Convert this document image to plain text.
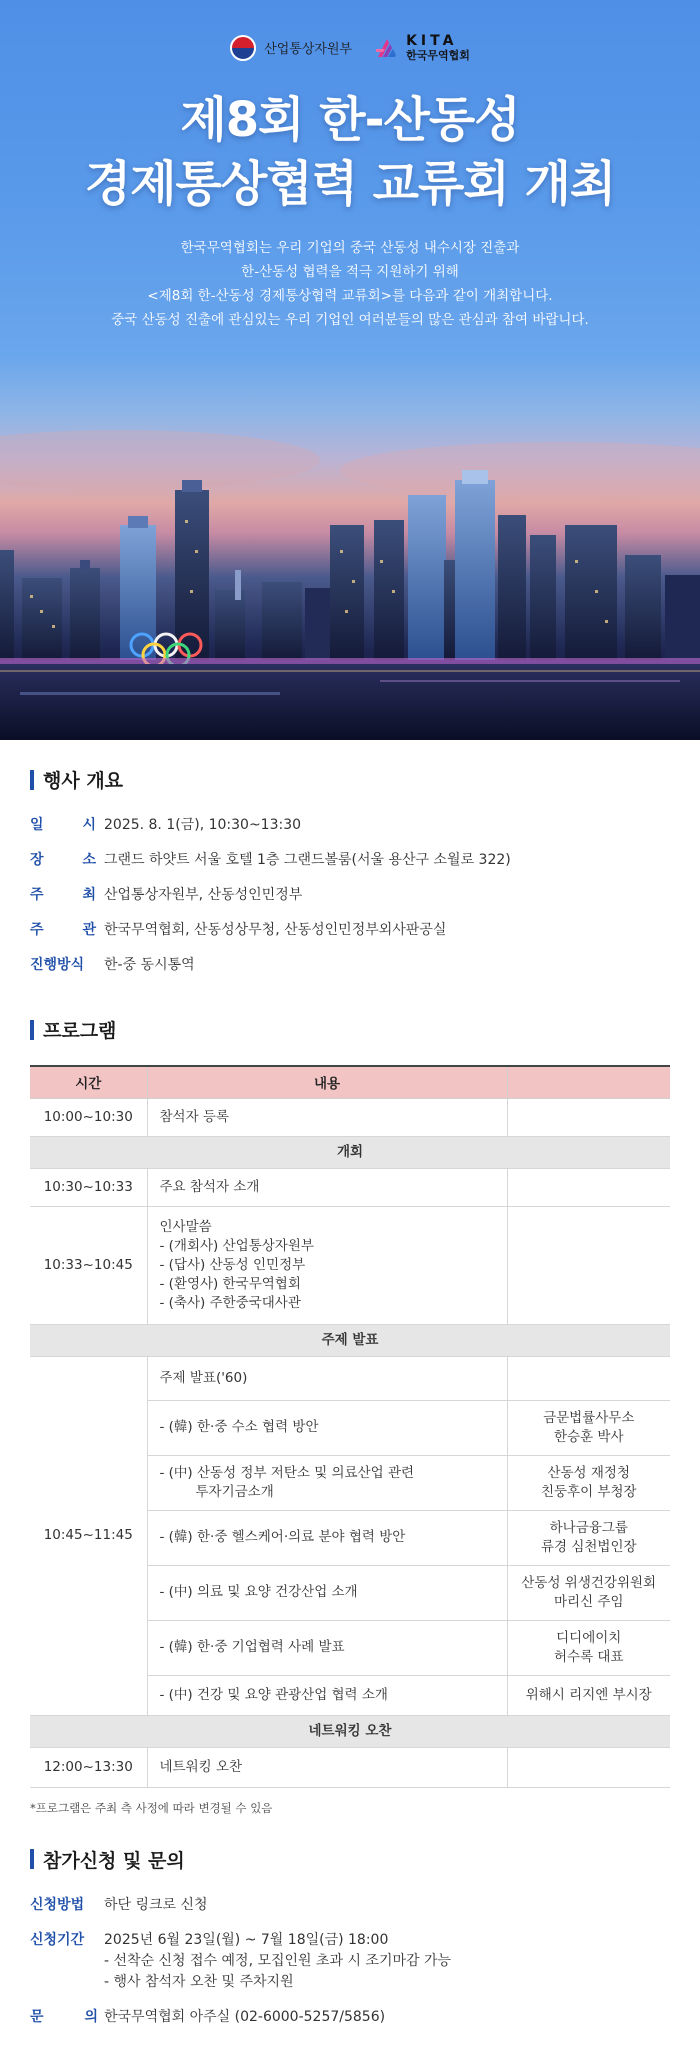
산업통상자원부
KITA
한국무역협회
제8회 한-산동성
경제통상협력 교류회 개최
한국무역협회는 우리 기업의 중국 산동성 내수시장 진출과
한-산동성 협력을 적극 지원하기 위해
<제8회 한-산동성 경제통상협력 교류회>를 다음과 같이 개최합니다.
중국 산동성 진출에 관심있는 우리 기업인 여러분들의 많은 관심과 참여 바랍니다.
행사 개요
일	시 2025. 8. 1(금), 10:30~13:30
장	소 그랜드 하얏트 서울 호텔 1층 그랜드볼룸(서울 용산구 소월로 322)
주	최 산업통상자원부, 산동성인민정부
주	관 한국무역협회, 산동성상무청, 산동성인민정부외사판공실
진행방식 한-중 동시통역
프로그램
시간	내용	
10:00~10:30	참석자 등록	
개회		
10:30~10:33	주요 참석자 소개	
10:33~10:45	인사말씀
- (개회사) 산업통상자원부
- (답사) 산동성 인민정부
- (환영사) 한국무역협회
- (축사) 주한중국대사관	

주제 발표		
10:45~11:45	주제 발표('60)	
	- (韓) 한·중 수소 협력 방안	금문법률사무소
한승훈 박사

	- (中) 산동성 정부 저탄소 및 의료산업 관련
투자기금소개	산동성 재정청
친둥후이 부청장

	- (韓) 한·중 헬스케어·의료 분야 협력 방안	하나금융그룹
류경 심천법인장

	- (中) 의료 및 요양 건강산업 소개	산동성 위생건강위원회
마리신 주임

	- (韓) 한·중 기업협력 사례 발표	디디에이치
허수록 대표

	- (中) 건강 및 요양 관광산업 협력 소개	위해시 리지엔 부시장
네트워킹 오찬		
12:00~13:30	네트워킹 오찬	
*프로그램은 주최 측 사정에 따라 변경될 수 있음
참가신청 및 문의
신청방법	하단 링크로 신청
신청기간	2025년 6월 23일(월) ~ 7월 18일(금) 18:00
- 선착순 신청 접수 예정, 모집인원 초과 시 조기마감 가능
- 행사 참석자 오찬 및 주차지원
문	의 한국무역협회 아주실 (02-6000-5257/5856)
